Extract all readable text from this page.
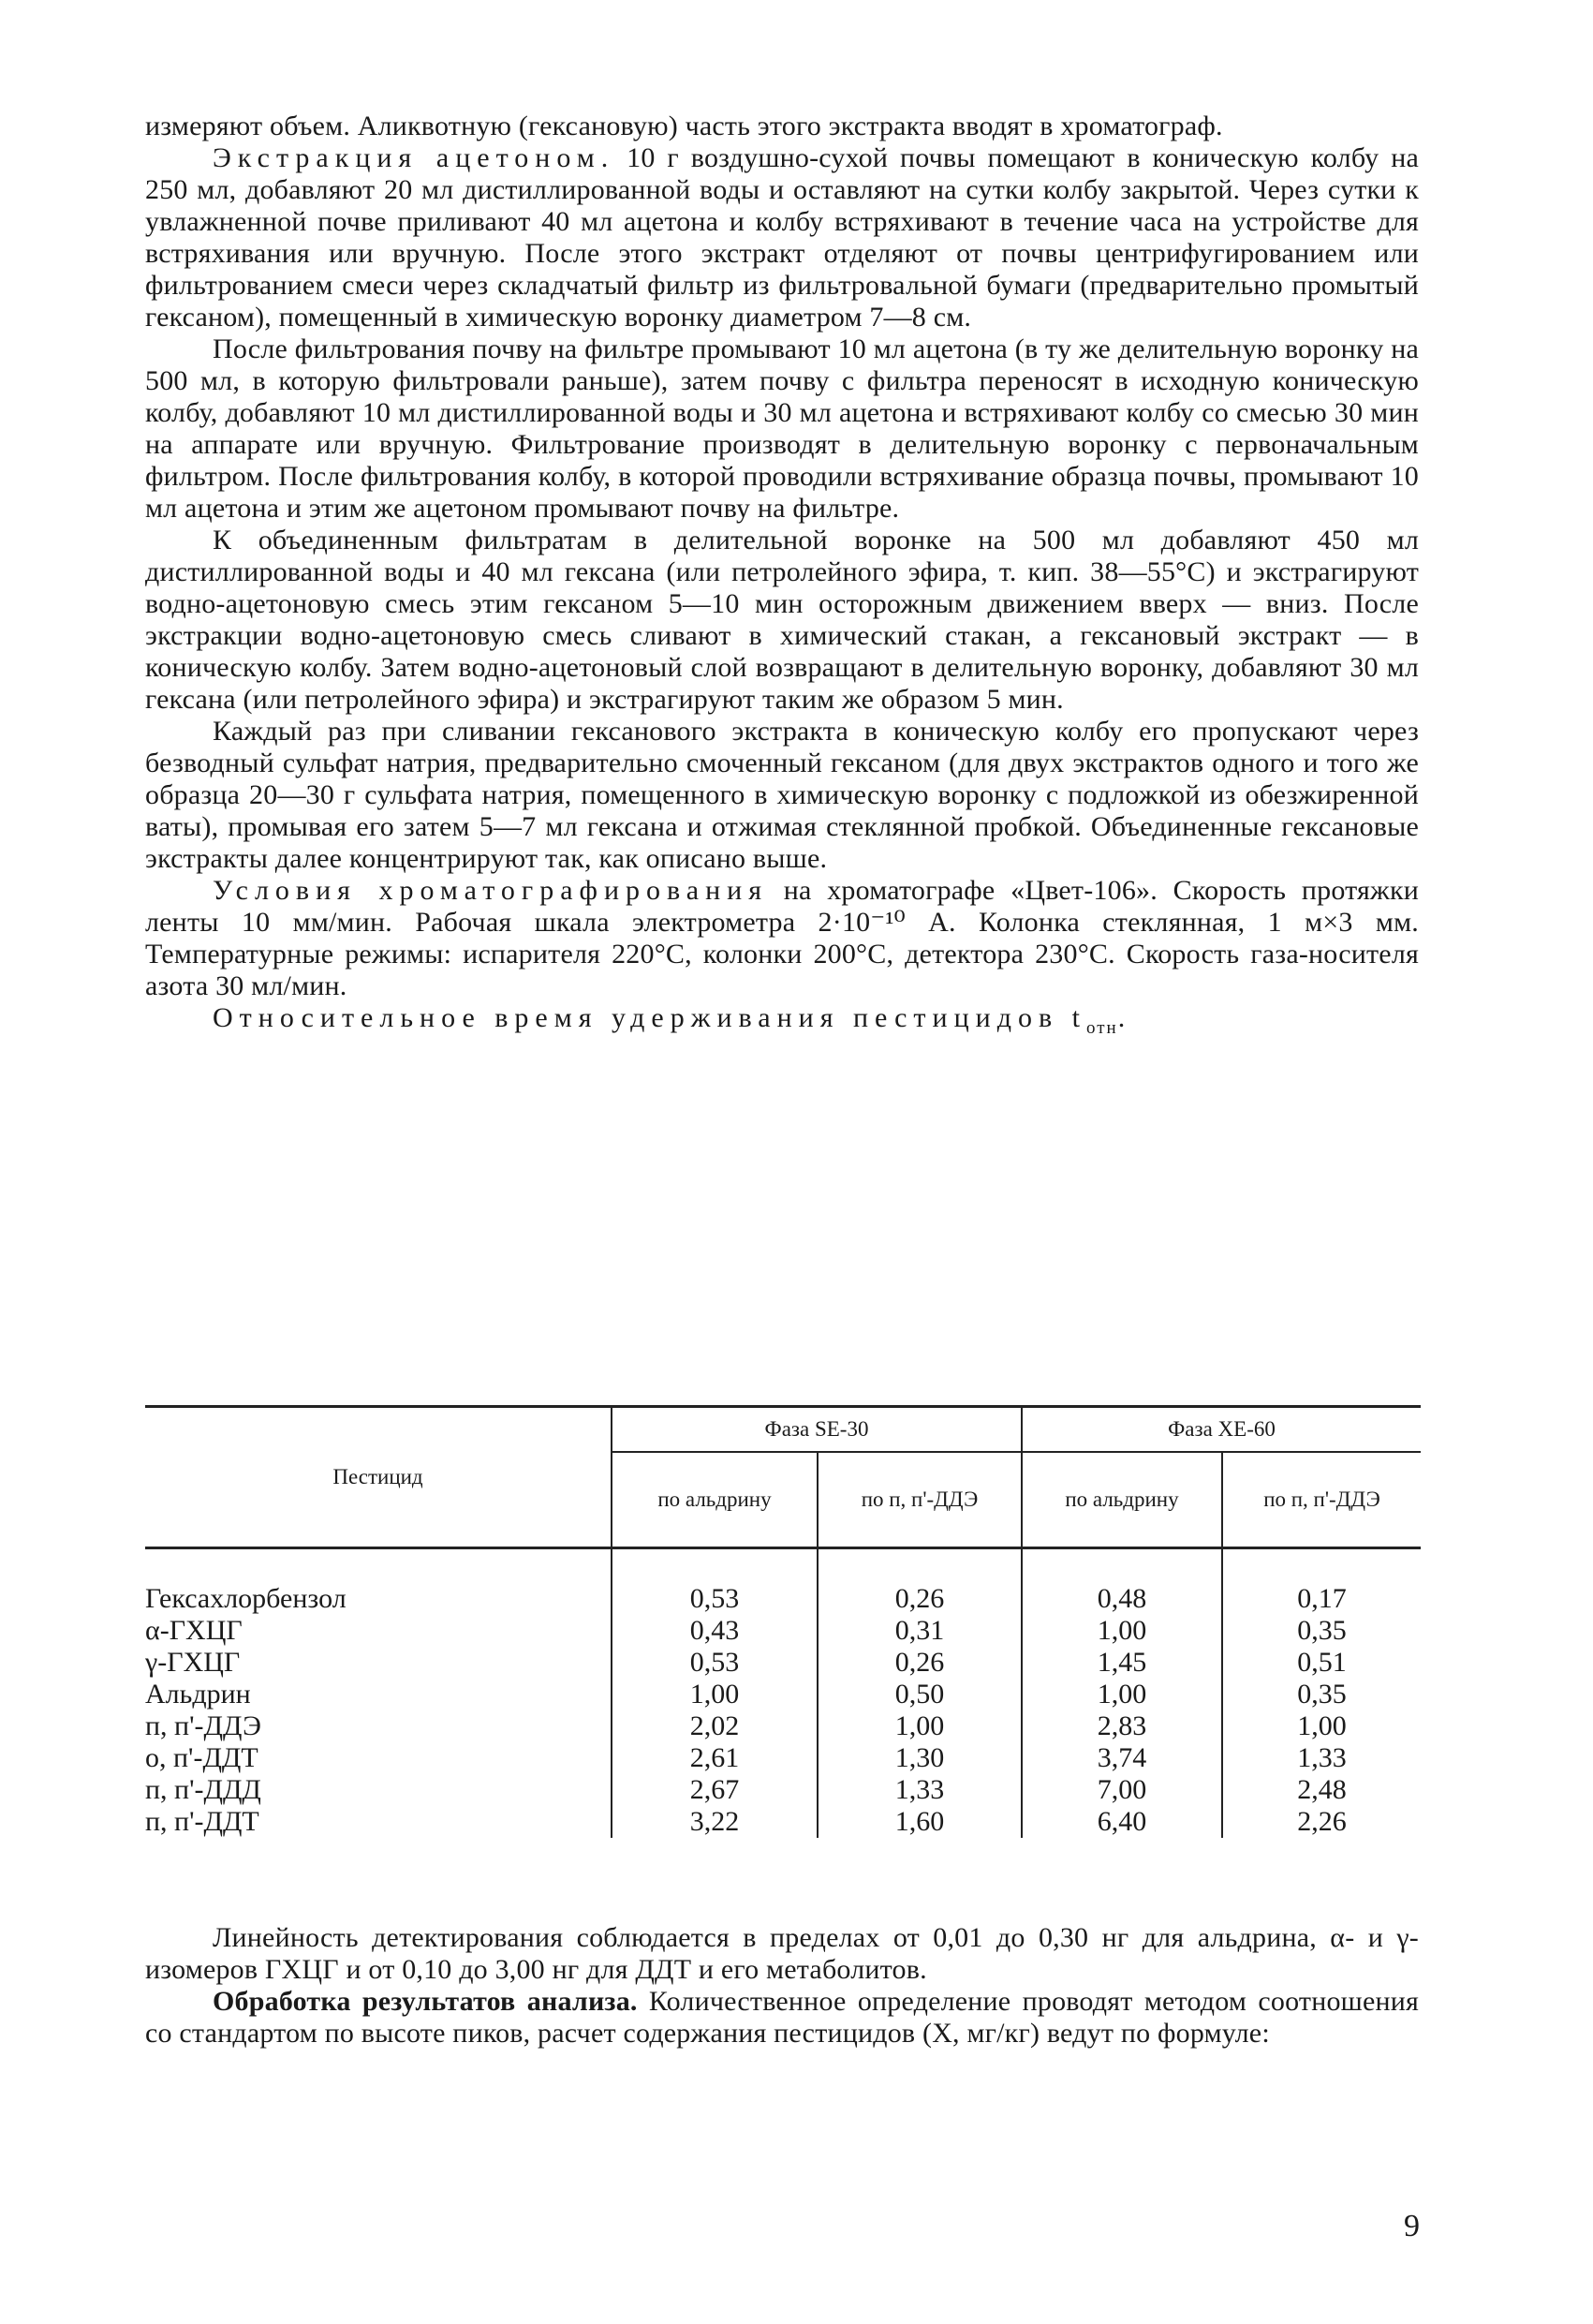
измеряют объем. Аликвотную (гексановую) часть этого экстракта вводят в хроматограф.

Экстракция ацетоном. 10 г воздушно-сухой почвы помещают в коническую колбу на 250 мл, добавляют 20 мл дистиллированной воды и оставляют на сутки колбу закрытой. Через сутки к увлажненной почве приливают 40 мл ацетона и колбу встряхивают в течение часа на устройстве для встряхивания или вручную. После этого экстракт отделяют от почвы центрифугированием или фильтрованием смеси через складчатый фильтр из фильтровальной бумаги (предварительно промытый гексаном), помещенный в химическую воронку диаметром 7—8 см.

После фильтрования почву на фильтре промывают 10 мл ацетона (в ту же делительную воронку на 500 мл, в которую фильтровали раньше), затем почву с фильтра переносят в исходную коническую колбу, добавляют 10 мл дистиллированной воды и 30 мл ацетона и встряхивают колбу со смесью 30 мин на аппарате или вручную. Фильтрование производят в делительную воронку с первоначальным фильтром. После фильтрования колбу, в которой проводили встряхивание образца почвы, промывают 10 мл ацетона и этим же ацетоном промывают почву на фильтре.

К объединенным фильтратам в делительной воронке на 500 мл добавляют 450 мл дистиллированной воды и 40 мл гексана (или петролейного эфира, т. кип. 38—55°С) и экстрагируют водно-ацетоновую смесь этим гексаном 5—10 мин осторожным движением вверх — вниз. После экстракции водно-ацетоновую смесь сливают в химический стакан, а гексановый экстракт — в коническую колбу. Затем водно-ацетоновый слой возвращают в делительную воронку, добавляют 30 мл гексана (или петролейного эфира) и экстрагируют таким же образом 5 мин.

Каждый раз при сливании гексанового экстракта в коническую колбу его пропускают через безводный сульфат натрия, предварительно смоченный гексаном (для двух экстрактов одного и того же образца 20—30 г сульфата натрия, помещенного в химическую воронку с подложкой из обезжиренной ваты), промывая его затем 5—7 мл гексана и отжимая стеклянной пробкой. Объединенные гексановые экстракты далее концентрируют так, как описано выше.

Условия хроматографирования на хроматографе «Цвет-106». Скорость протяжки ленты 10 мм/мин. Рабочая шкала электрометра 2·10⁻¹⁰ А. Колонка стеклянная, 1 м×3 мм. Температурные режимы: испарителя 220°С, колонки 200°С, детектора 230°С. Скорость газа-носителя азота 30 мл/мин.

Относительное время удерживания пестицидов $t_{отн}$.

Пестицид	Фаза SE-30		Фаза XE-60	
	по альдрину	по п, п'-ДДЭ	по альдрину	по п, п'-ДДЭ

Гексахлорбензол	0,53	0,26	0,48	0,17
α-ГХЦГ	0,43	0,31	1,00	0,35
γ-ГХЦГ	0,53	0,26	1,45	0,51
Альдрин	1,00	0,50	1,00	0,35
п, п'-ДДЭ	2,02	1,00	2,83	1,00
о, п'-ДДТ	2,61	1,30	3,74	1,33
п, п'-ДДД	2,67	1,33	7,00	2,48
п, п'-ДДТ	3,22	1,60	6,40	2,26

Линейность детектирования соблюдается в пределах от 0,01 до 0,30 нг для альдрина, α- и γ-изомеров ГХЦГ и от 0,10 до 3,00 нг для ДДТ и его метаболитов.

Обработка результатов анализа. Количественное определение проводят методом соотношения со стандартом по высоте пиков, расчет содержания пестицидов (X, мг/кг) ведут по формуле:

9
